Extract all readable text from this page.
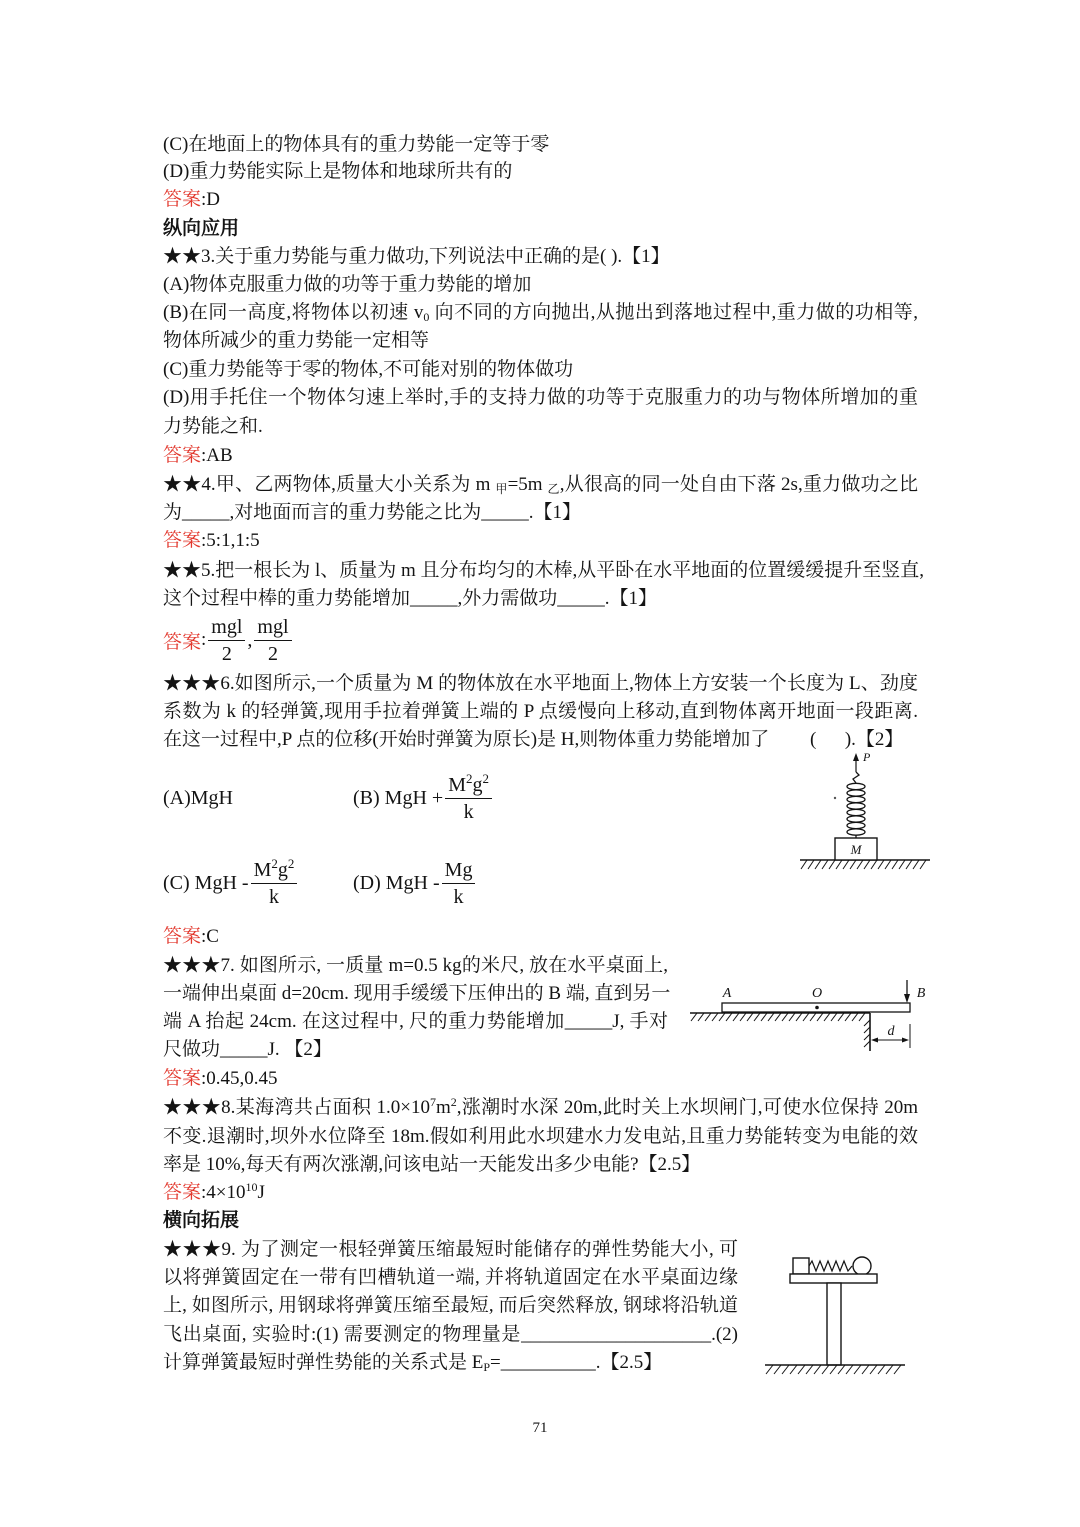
(C)在地面上的物体具有的重力势能一定等于零
(D)重力势能实际上是物体和地球所共有的
答案:D
纵向应用
★★3.关于重力势能与重力做功,下列说法中正确的是( ).【1】
(A)物体克服重力做的功等于重力势能的增加
(B)在同一高度,将物体以初速 $v_0$ 向不同的方向抛出,从抛出到落地过程中,重力做的功相等,
物体所减少的重力势能一定相等
(C)重力势能等于零的物体,不可能对别的物体做功
(D)用手托住一个物体匀速上举时,手的支持力做的功等于克服重力的功与物体所增加的重
力势能之和.
答案:AB
★★4.甲、乙两物体,质量大小关系为 m $_甲$=5m $_乙$,从很高的同一处自由下落 2s,重力做功之比
为_____,对地面而言的重力势能之比为_____.【1】
答案:5:1,1:5
★★5.把一根长为 l、质量为 m 且分布均匀的木棒,从平卧在水平地面的位置缓缓提升至竖直,
这个过程中棒的重力势能增加_____,外力需做功_____.【1】
答案 : $\frac{\text{mgl}}{2}$ , $\frac{\text{mgl}}{2}$
★★★6.如图所示,一个质量为 M 的物体放在水平地面上,物体上方安装一个长度为 L、劲度
系数为 k 的轻弹簧,现用手拉着弹簧上端的 P 点缓慢向上移动,直到物体离开地面一段距离.
在这一过程中,P 点的位移(开始时弹簧为原长)是 H,则物体重力势能增加了 (      ).【2】
(A)MgH	(B) MgH + $\frac{M^2g^2}{k}$
(C) MgH - $\frac{M^2g^2}{k}$	(D) MgH - $\frac{Mg}{k}$
M
P
答案:C
★★★7. 如图所示, 一质量 m=0.5 kg的米尺, 放在水平桌面上,
一端伸出桌面 d=20cm. 现用手缓缓下压伸出的 B 端, 直到另一
端 A 抬起 24cm. 在这过程中, 尺的重力势能增加_____J, 手对
尺做功_____J. 【2】
A	O	B
d
答案:0.45,0.45
★★★8.某海湾共占面积 $1.0\times 10^7m^2$,涨潮时水深 20m,此时关上水坝闸门,可使水位保持 20m
不变.退潮时,坝外水位降至 18m.假如利用此水坝建水力发电站,且重力势能转变为电能的效
率是 10%,每天有两次涨潮,问该电站一天能发出多少电能?【2.5】
答案$:4\times 10^{10}J$
横向拓展
★★★9. 为了测定一根轻弹簧压缩最短时能储存的弹性势能大小, 可
以将弹簧固定在一带有凹槽轨道一端, 并将轨道固定在水平桌面边缘
上, 如图所示, 用钢球将弹簧压缩至最短, 而后突然释放, 钢球将沿轨道
飞出桌面, 实验时:(1) 需要测定的物理量是____________________.(2)
计算弹簧最短时弹性势能的关系式是 $E_P=\_\_\_\_\_\_\_\_\_\_$.【2.5】
71
